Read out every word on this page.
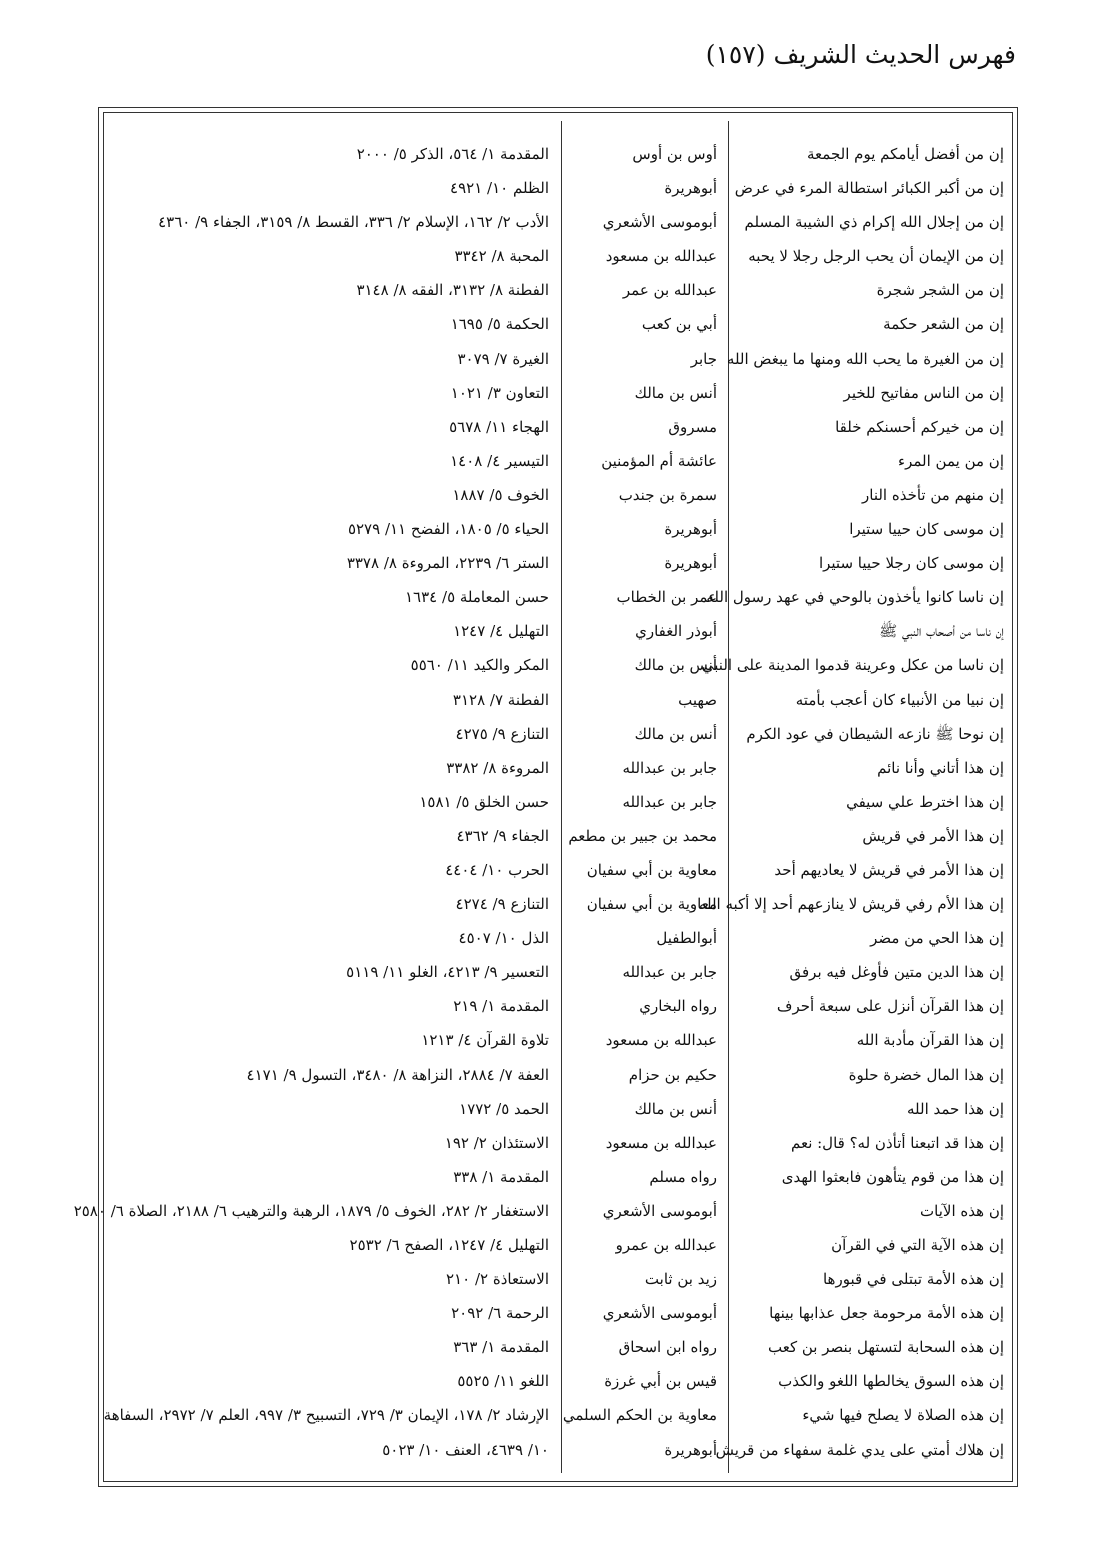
فهرس الحديث الشريف (١٥٧)
إن من أفضل أيامكم يوم الجمعة
أوس بن أوس
المقدمة ١/ ٥٦٤، الذكر ٥/ ٢٠٠٠
إن من أكبر الكبائر استطالة المرء في عرض
أبوهريرة
الظلم ١٠/ ٤٩٢١
إن من إجلال الله إكرام ذي الشيبة المسلم
أبوموسى الأشعري
الأدب ٢/ ١٦٢، الإسلام ٢/ ٣٣٦، القسط ٨/ ٣١٥٩، الجفاء ٩/ ٤٣٦٠
إن من الإيمان أن يحب الرجل رجلا لا يحبه
عبدالله بن مسعود
المحبة ٨/ ٣٣٤٢
إن من الشجر شجرة
عبدالله بن عمر
الفطنة ٨/ ٣١٣٢، الفقه ٨/ ٣١٤٨
إن من الشعر حكمة
أبي بن كعب
الحكمة ٥/ ١٦٩٥
إن من الغيرة ما يحب الله ومنها ما يبغض الله
جابر
الغيرة ٧/ ٣٠٧٩
إن من الناس مفاتيح للخير
أنس بن مالك
التعاون ٣/ ١٠٢١
إن من خيركم أحسنكم خلقا
مسروق
الهجاء ١١/ ٥٦٧٨
إن من يمن المرء
عائشة أم المؤمنين
التيسير ٤/ ١٤٠٨
إن منهم من تأخذه النار
سمرة بن جندب
الخوف ٥/ ١٨٨٧
إن موسى كان حييا ستيرا
أبوهريرة
الحياء ٥/ ١٨٠٥، الفضح ١١/ ٥٢٧٩
إن موسى كان رجلا حييا ستيرا
أبوهريرة
الستر ٦/ ٢٢٣٩، المروءة ٨/ ٣٣٧٨
إن ناسا كانوا يأخذون بالوحي في عهد رسول الله
عمر بن الخطاب
حسن المعاملة ٥/ ١٦٣٤
إن ناسا من أصحاب النبي ﷺ
أبوذر الغفاري
التهليل ٤/ ١٢٤٧
إن ناسا من عكل وعرينة قدموا المدينة على النبي
أنس بن مالك
المكر والكيد ١١/ ٥٥٦٠
إن نبيا من الأنبياء كان أعجب بأمته
صهيب
الفطنة ٧/ ٣١٢٨
إن نوحا ﷺ نازعه الشيطان في عود الكرم
أنس بن مالك
التنازع ٩/ ٤٢٧٥
إن هذا أتاني وأنا نائم
جابر بن عبدالله
المروءة ٨/ ٣٣٨٢
إن هذا اخترط علي سيفي
جابر بن عبدالله
حسن الخلق ٥/ ١٥٨١
إن هذا الأمر في قريش
محمد بن جبير بن مطعم
الجفاء ٩/ ٤٣٦٢
إن هذا الأمر في قريش لا يعاديهم أحد
معاوية بن أبي سفيان
الحرب ١٠/ ٤٤٠٤
إن هذا الأم رفي قريش لا ينازعهم أحد إلا أكبه الله
معاوية بن أبي سفيان
التنازع ٩/ ٤٢٧٤
إن هذا الحي من مضر
أبوالطفيل
الذل ١٠/ ٤٥٠٧
إن هذا الدين متين فأوغل فيه برفق
جابر بن عبدالله
التعسير ٩/ ٤٢١٣، الغلو ١١/ ٥١١٩
إن هذا القرآن أنزل على سبعة أحرف
رواه البخاري
المقدمة ١/ ٢١٩
إن هذا القرآن مأدبة الله
عبدالله بن مسعود
تلاوة القرآن ٤/ ١٢١٣
إن هذا المال خضرة حلوة
حكيم بن حزام
العفة ٧/ ٢٨٨٤، النزاهة ٨/ ٣٤٨٠، التسول ٩/ ٤١٧١
إن هذا حمد الله
أنس بن مالك
الحمد ٥/ ١٧٧٢
إن هذا قد اتبعنا أتأذن له؟ قال: نعم
عبدالله بن مسعود
الاستئذان ٢/ ١٩٢
إن هذا من قوم يتأهون فابعثوا الهدى
رواه مسلم
المقدمة ١/ ٣٣٨
إن هذه الآيات
أبوموسى الأشعري
الاستغفار ٢/ ٢٨٢، الخوف ٥/ ١٨٧٩، الرهبة والترهيب ٦/ ٢١٨٨، الصلاة ٦/ ٢٥٨٠
إن هذه الآية التي في القرآن
عبدالله بن عمرو
التهليل ٤/ ١٢٤٧، الصفح ٦/ ٢٥٣٢
إن هذه الأمة تبتلى في قبورها
زيد بن ثابت
الاستعاذة ٢/ ٢١٠
إن هذه الأمة مرحومة جعل عذابها بينها
أبوموسى الأشعري
الرحمة ٦/ ٢٠٩٢
إن هذه السحابة لتستهل بنصر بن كعب
رواه ابن اسحاق
المقدمة ١/ ٣٦٣
إن هذه السوق يخالطها اللغو والكذب
قيس بن أبي غرزة
اللغو ١١/ ٥٥٢٥
إن هذه الصلاة لا يصلح فيها شيء
معاوية بن الحكم السلمي
الإرشاد ٢/ ١٧٨، الإيمان ٣/ ٧٢٩، التسبيح ٣/ ٩٩٧، العلم ٧/ ٢٩٧٢، السفاهة
إن هلاك أمتي على يدي غلمة سفهاء من قريش
أبوهريرة
١٠/ ٤٦٣٩، العنف ١٠/ ٥٠٢٣
